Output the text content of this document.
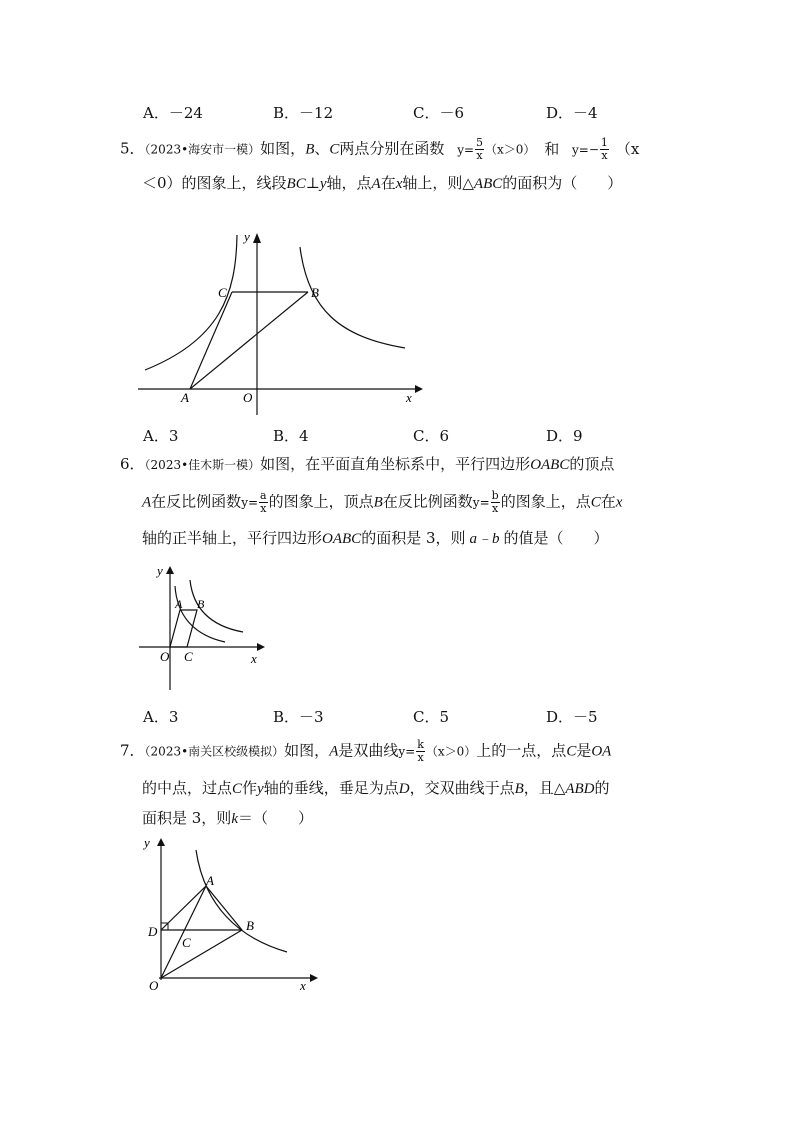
A．－24	B．－12	C．－6	D．－4
5．（2023•海安市一模）如图，B、C两点分别在函数 $y= \frac{5}{x} (x>0)$ 和 $y=- \frac{1}{x} (x$
＜0）的图象上，线段BC⊥y轴，点A在x轴上，则△ABC的面积为（　　）
y
x
C	B
A	O
A．3	B．4	C．6	D．9
6．（2023•佳木斯一模）如图，在平面直角坐标系中，平行四边形OABC的顶点
A在反比例函数$y= \frac{a}{x}$ 的图象上，顶点B在反比例函数$y= \frac{b}{x}$ 的图象上，点C在x
轴的正半轴上，平行四边形OABC的面积是 3，则 a﹣b 的值是（　　）
y
x
A B
O C
A．3	B．－3	C．5	D．－5
7．（2023•南关区校级模拟）如图，A是双曲线$y= \frac{k}{x} (x>0)$上的一点，点C是OA
的中点，过点C作y轴的垂线，垂足为点D，交双曲线于点B，且△ABD的
面积是 3，则k＝（　　）
y
x
A
B
C
D
O
